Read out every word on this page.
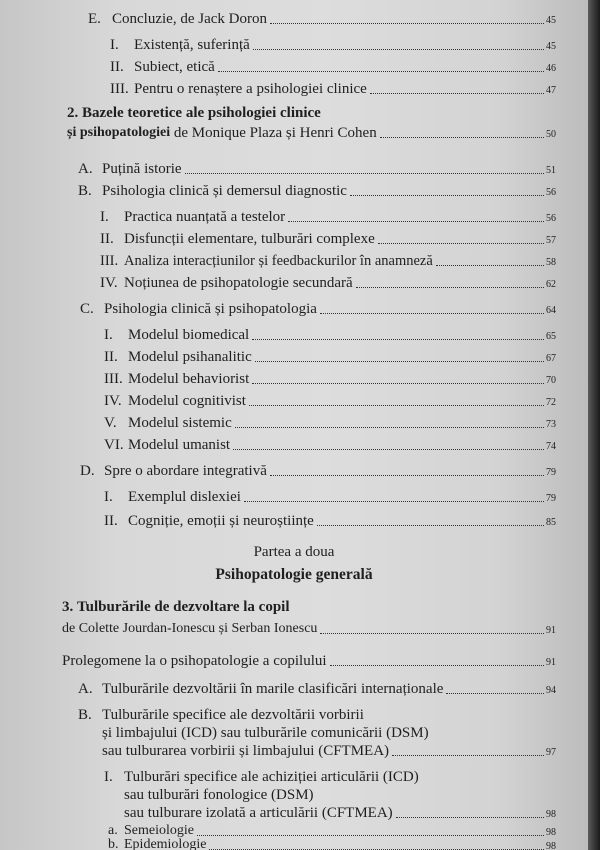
E. Concluzie,
de Jack Doron	45
I.	Existență, suferință	45
II. Subiect, etică	46
III. Pentru o renaștere a psihologiei clinice	47
2. Bazele teoretice ale psihologiei clinice
și psihopatologiei
de Monique Plaza și Henri Cohen	50
A. Puțină istorie	51
B. Psihologia clinică și demersul diagnostic	56
I.	Practica nuanțată a testelor	56
II. Disfuncții elementare, tulburări complexe	57
III. Analiza interacțiunilor și feedbackurilor în anamneză	58
IV. Noțiunea de psihopatologie secundară	62
C. Psihologia clinică și psihopatologia	64
I.	Modelul biomedical	65
II. Modelul psihanalitic	67
III. Modelul behaviorist	70
IV. Modelul cognitivist	72
V. Modelul sistemic	73
VI. Modelul umanist	74
D. Spre o abordare integrativă	79
I.	Exemplul dislexiei	79
II. Cogniție, emoții și neuroștiințe	85
Partea a doua
Psihopatologie generală
3. Tulburările de dezvoltare la copil
de Colette Jourdan-Ionescu și Serban Ionescu	91
Prolegomene la o psihopatologie a copilului	91
A. Tulburările dezvoltării în marile clasificări internaționale	94
B. Tulburările specifice ale dezvoltării vorbirii
și limbajului (ICD) sau tulburările comunicării (DSM)
sau tulburarea vorbirii și limbajului (CFTMEA)	97
I. Tulburări specifice ale achiziției articulării (ICD)
sau tulburări fonologice (DSM)
sau tulburare izolată a articulării (CFTMEA)	98
a. Semeiologie	98
b. Epidemiologie	98
